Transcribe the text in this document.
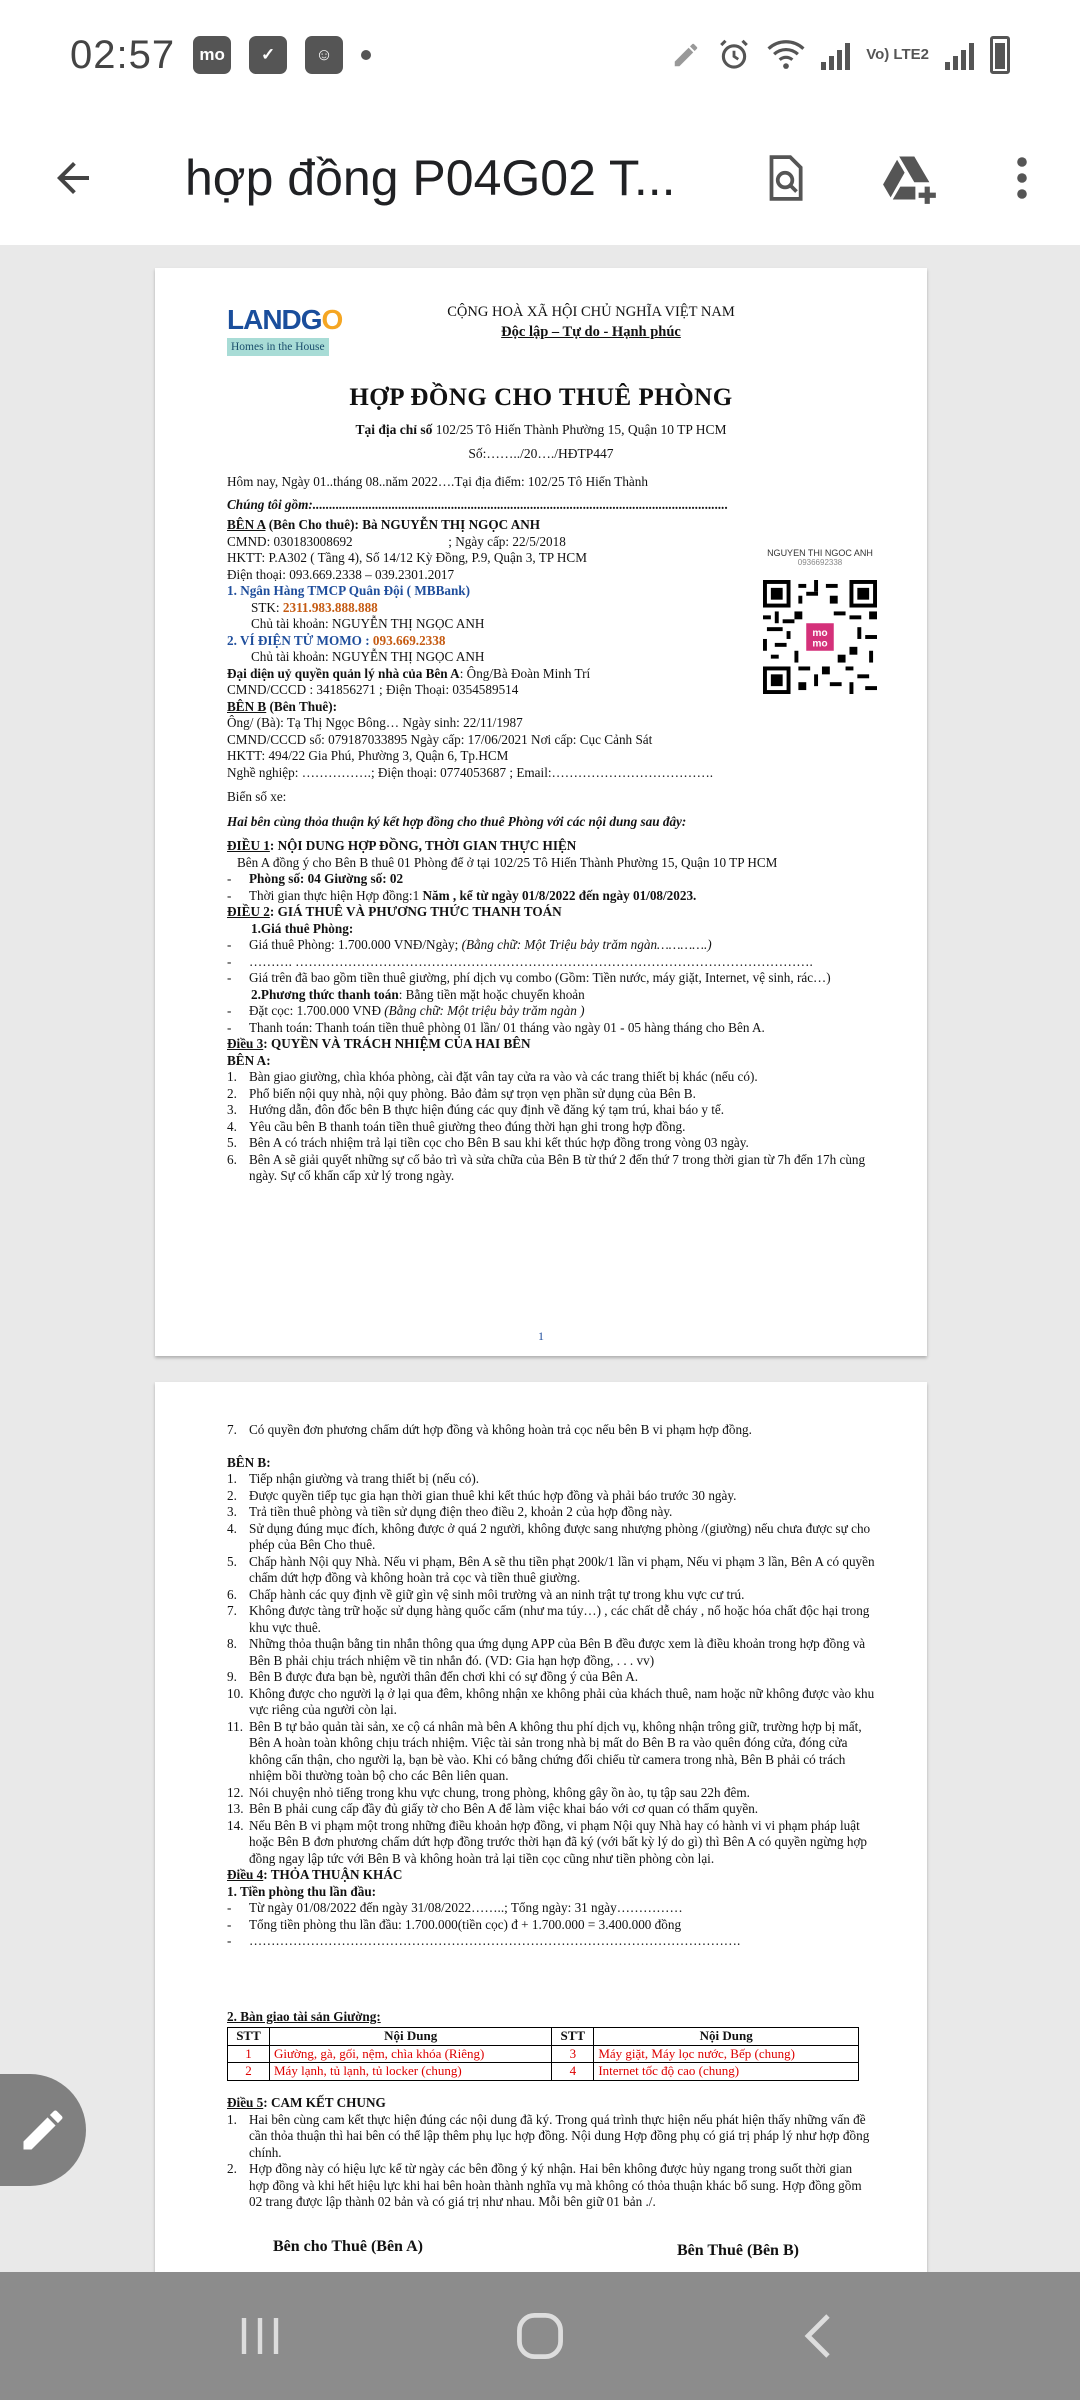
02:57	mo	✓	☺	Vo) LTE2
hợp đồng P04G02 T...
LANDGO
Homes in the House
CỘNG HOÀ XÃ HỘI CHỦ NGHĨA VIỆT NAM
Độc lập – Tự do - Hạnh phúc
HỢP ĐỒNG CHO THUÊ PHÒNG
Tại địa chỉ số 102/25 Tô Hiến Thành Phường 15, Quận 10 TP HCM
Số:……../20…./HĐTP447
NGUYEN THI NGOC ANH
0936692338
mo
mo
Hôm nay, Ngày 01..tháng 08..năm 2022….Tại địa điểm: 102/25 Tô Hiến Thành
Chúng tôi gồm:..............................................................................................................................
BÊN A (Bên Cho thuê): Bà NGUYỄN THỊ NGỌC ANH
CMND: 030183008692                             ; Ngày cấp: 22/5/2018
HKTT: P.A302 ( Tầng 4), Số 14/12 Kỳ Đồng, P.9, Quận 3, TP HCM
Điện thoại: 093.669.2338 – 039.2301.2017
1. Ngân Hàng TMCP Quân Đội ( MBBank)
STK: 2311.983.888.888
Chủ tài khoản: NGUYỄN THỊ NGỌC ANH
2. VÍ ĐIỆN TỬ MOMO : 093.669.2338
Chủ tài khoản: NGUYỄN THỊ NGỌC ANH
Đại diện uỷ quyền quản lý nhà của Bên A: Ông/Bà Đoàn Minh Trí
CMND/CCCD : 341856271 ; Điện Thoại: 0354589514
BÊN B (Bên Thuê):
Ông/ (Bà): Tạ Thị Ngọc Bông… Ngày sinh: 22/11/1987
CMND/CCCD số: 079187033895 Ngày cấp: 17/06/2021 Nơi cấp: Cục Cảnh Sát
HKTT: 494/22 Gia Phú, Phường 3, Quận 6, Tp.HCM
Nghề nghiệp: …………….; Điện thoại: 0774053687 ; Email:……………………………….
Biển số xe:
Hai bên cùng thỏa thuận ký kết hợp đồng cho thuê Phòng với các nội dung sau đây:
ĐIỀU 1: NỘI DUNG HỢP ĐỒNG, THỜI GIAN THỰC HIỆN
Bên A đồng ý cho Bên B thuê 01 Phòng để ở tại 102/25 Tô Hiến Thành Phường 15, Quận 10 TP HCM
-	Phòng số: 04 Giường số: 02
-	Thời gian thực hiện Hợp đồng:1 Năm , kể từ ngày 01/8/2022 đến ngày 01/08/2023.
ĐIỀU 2: GIÁ THUÊ VÀ PHƯƠNG THỨC THANH TOÁN
1.Giá thuê Phòng:
-	Giá thuê Phòng: 1.700.000 VNĐ/Ngày; (Bằng chữ: Một Triệu bảy trăm ngàn………….)
-	………. ……………………………………………………………………………………………………….
-	Giá trên đã bao gồm tiền thuê giường, phí dịch vụ combo (Gồm: Tiền nước, máy giặt, Internet, vệ sinh, rác…)
2.Phương thức thanh toán: Bằng tiền mặt hoặc chuyển khoản
-	Đặt cọc: 1.700.000 VNĐ (Bằng chữ: Một triệu bảy trăm ngàn )
-	Thanh toán: Thanh toán tiền thuê phòng 01 lần/ 01 tháng vào ngày 01 - 05 hàng tháng cho Bên A.
Điều 3: QUYỀN VÀ TRÁCH NHIỆM CỦA HAI BÊN
BÊN A:
1. Bàn giao giường, chìa khóa phòng, cài đặt vân tay cửa ra vào và các trang thiết bị khác (nếu có).
2. Phổ biến nội quy nhà, nội quy phòng. Bảo đảm sự trọn vẹn phần sử dụng của Bên B.
3. Hướng dẫn, đôn đốc bên B thực hiện đúng các quy định về đăng ký tạm trú, khai báo y tế.
4. Yêu cầu bên B thanh toán tiền thuê giường theo đúng thời hạn ghi trong hợp đồng.
5. Bên A có trách nhiệm trả lại tiền cọc cho Bên B sau khi kết thúc hợp đồng trong vòng 03 ngày.
6. Bên A sẽ giải quyết những sự cố bảo trì và sửa chữa của Bên B từ thứ 2 đến thứ 7 trong thời gian từ 7h đến 17h cùng ngày. Sự cố khẩn cấp xử lý trong ngày.
1
7. Có quyền đơn phương chấm dứt hợp đồng và không hoàn trả cọc nếu bên B vi phạm hợp đồng.
BÊN B:
1. Tiếp nhận giường và trang thiết bị (nếu có).
2. Được quyền tiếp tục gia hạn thời gian thuê khi kết thúc hợp đồng và phải báo trước 30 ngày.
3. Trả tiền thuê phòng và tiền sử dụng điện theo điều 2, khoản 2 của hợp đồng này.
4. Sử dụng đúng mục đích, không được ở quá 2 người, không được sang nhượng phòng /(giường) nếu chưa được sự cho phép của Bên Cho thuê.
5. Chấp hành Nội quy Nhà. Nếu vi phạm, Bên A sẽ thu tiền phạt 200k/1 lần vi phạm, Nếu vi phạm 3 lần, Bên A có quyền chấm dứt hợp đồng và không hoàn trả cọc và tiền thuê giường.
6. Chấp hành các quy định về giữ gìn vệ sinh môi trường và an ninh trật tự trong khu vực cư trú.
7. Không được tàng trữ hoặc sử dụng hàng quốc cấm (như ma túy…) , các chất dễ cháy , nổ hoặc hóa chất độc hại trong khu vực thuê.
8. Những thỏa thuận bằng tin nhắn thông qua ứng dụng APP của Bên B đều được xem là điều khoản trong hợp đồng và Bên B phải chịu trách nhiệm về tin nhắn đó. (VD: Gia hạn hợp đồng, . . . vv)
9. Bên B được đưa bạn bè, người thân đến chơi khi có sự đồng ý của Bên A.
10. Không được cho người lạ ở lại qua đêm, không nhận xe không phải của khách thuê, nam hoặc nữ không được vào khu vực riêng của người còn lại.
11. Bên B tự bảo quản tài sản, xe cộ cá nhân mà bên A không thu phí dịch vụ, không nhận trông giữ, trường hợp bị mất, Bên A hoàn toàn không chịu trách nhiệm. Việc tài sản trong nhà bị mất do Bên B ra vào quên đóng cửa, đóng cửa không cẩn thận, cho người lạ, bạn bè vào. Khi có bằng chứng đối chiếu từ camera trong nhà, Bên B phải có trách nhiệm bồi thường toàn bộ cho các Bên liên quan.
12. Nói chuyện nhỏ tiếng trong khu vực chung, trong phòng, không gây ồn ào, tụ tập sau 22h đêm.
13. Bên B phải cung cấp đầy đủ giấy tờ cho Bên A để làm việc khai báo với cơ quan có thẩm quyền.
14. Nếu Bên B vi phạm một trong những điều khoản hợp đồng, vi phạm Nội quy Nhà hay có hành vi vi phạm pháp luật hoặc Bên B đơn phương chấm dứt hợp đồng trước thời hạn đã ký (với bất kỳ lý do gì) thì Bên A có quyền ngừng hợp đồng ngay lập tức với Bên B và không hoàn trả lại tiền cọc cũng như tiền phòng còn lại.
Điều 4: THỎA THUẬN KHÁC
1. Tiền phòng thu lần đầu:
-	Từ ngày 01/08/2022 đến ngày 31/08/2022……..; Tổng ngày: 31 ngày……………
-	Tổng tiền phòng thu lần đầu: 1.700.000(tiền cọc) đ + 1.700.000 = 3.400.000 đồng
-	………………………………………………………………………………………………….
2. Bàn giao tài sản Giường:
STT	Nội Dung	STT	Nội Dung
1	Giường, gà, gối, nệm, chìa khóa (Riêng)	3	Máy giặt, Máy lọc nước, Bếp (chung)
2	Máy lạnh, tủ lạnh, tủ locker (chung)	4	Internet tốc độ cao (chung)
Điều 5: CAM KẾT CHUNG
1. Hai bên cùng cam kết thực hiện đúng các nội dung đã ký. Trong quá trình thực hiện nếu phát hiện thấy những vấn đề cần thỏa thuận thì hai bên có thể lập thêm phụ lục hợp đồng. Nội dung Hợp đồng phụ có giá trị pháp lý như hợp đồng chính.
2. Hợp đồng này có hiệu lực kể từ ngày các bên đồng ý ký nhận. Hai bên không được hủy ngang trong suốt thời gian hợp đồng và khi hết hiệu lực khi hai bên hoàn thành nghĩa vụ mà không có thỏa thuận khác bổ sung. Hợp đồng gồm 02 trang được lập thành 02 bản và có giá trị như nhau. Mỗi bên giữ 01 bản ./.
Bên cho Thuê (Bên A)	Bên Thuê (Bên B)
